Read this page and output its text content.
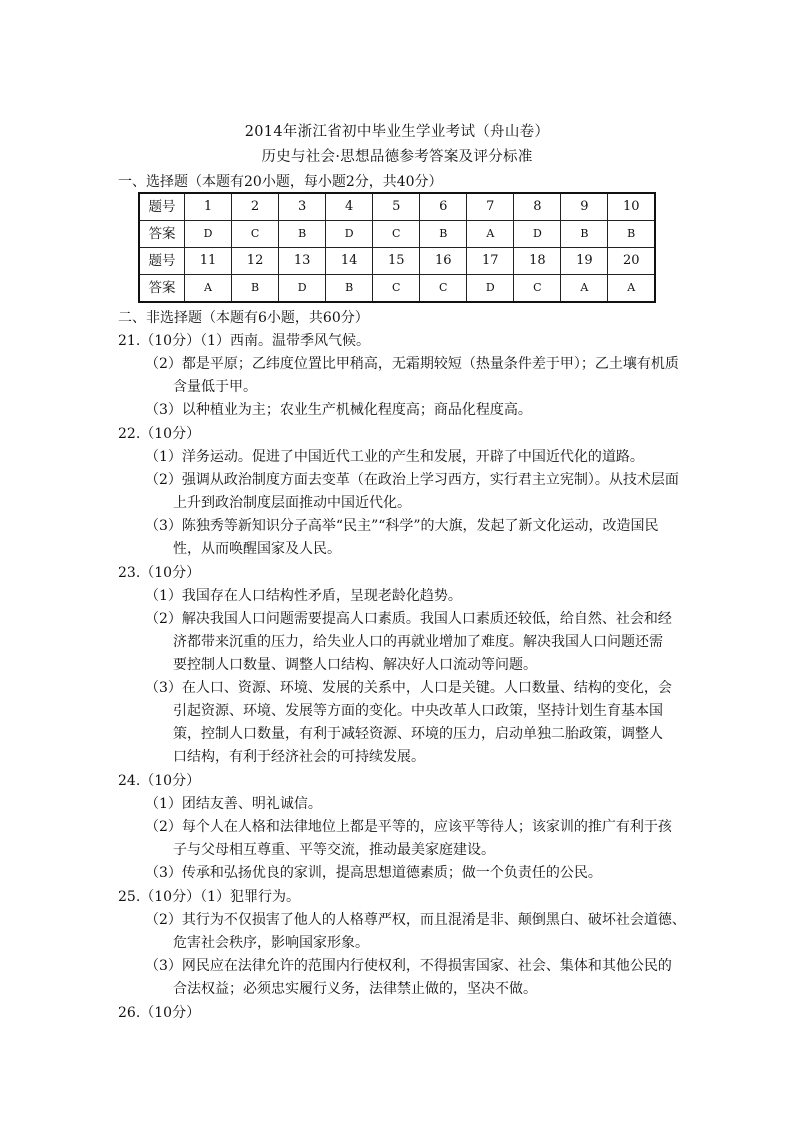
2014年浙江省初中毕业生学业考试（舟山卷）
历史与社会·思想品德参考答案及评分标准
一、选择题（本题有20小题，每小题2分，共40分）
题号	1	2	3	4	5	6	7	8	9	10
答案	D	C	B	D	C	B	A	D	B	B
题号	11	12	13	14	15	16	17	18	19	20
答案	A	B	D	B	C	C	D	C	A	A
二、非选择题（本题有6小题，共60分）
21.（10分）（1）西南。温带季风气候。
（2）都是平原；乙纬度位置比甲稍高，无霜期较短（热量条件差于甲）；乙土壤有机质
含量低于甲。
（3）以种植业为主；农业生产机械化程度高；商品化程度高。
22.（10分）
（1）洋务运动。促进了中国近代工业的产生和发展，开辟了中国近代化的道路。
（2）强调从政治制度方面去变革（在政治上学习西方，实行君主立宪制）。从技术层面
上升到政治制度层面推动中国近代化。
（3）陈独秀等新知识分子高举“民主”“科学”的大旗，发起了新文化运动，改造国民
性，从而唤醒国家及人民。
23.（10分）
（1）我国存在人口结构性矛盾，呈现老龄化趋势。
（2）解决我国人口问题需要提高人口素质。我国人口素质还较低，给自然、社会和经
济都带来沉重的压力，给失业人口的再就业增加了难度。解决我国人口问题还需
要控制人口数量、调整人口结构、解决好人口流动等问题。
（3）在人口、资源、环境、发展的关系中，人口是关键。人口数量、结构的变化，会
引起资源、环境、发展等方面的变化。中央改革人口政策，坚持计划生育基本国
策，控制人口数量，有利于减轻资源、环境的压力，启动单独二胎政策，调整人
口结构，有利于经济社会的可持续发展。
24.（10分）
（1）团结友善、明礼诚信。
（2）每个人在人格和法律地位上都是平等的，应该平等待人；该家训的推广有利于孩
子与父母相互尊重、平等交流，推动最美家庭建设。
（3）传承和弘扬优良的家训，提高思想道德素质；做一个负责任的公民。
25.（10分）（1）犯罪行为。
（2）其行为不仅损害了他人的人格尊严权，而且混淆是非、颠倒黑白、破坏社会道德、
危害社会秩序，影响国家形象。
（3）网民应在法律允许的范围内行使权利，不得损害国家、社会、集体和其他公民的
合法权益；必须忠实履行义务，法律禁止做的，坚决不做。
26.（10分）
